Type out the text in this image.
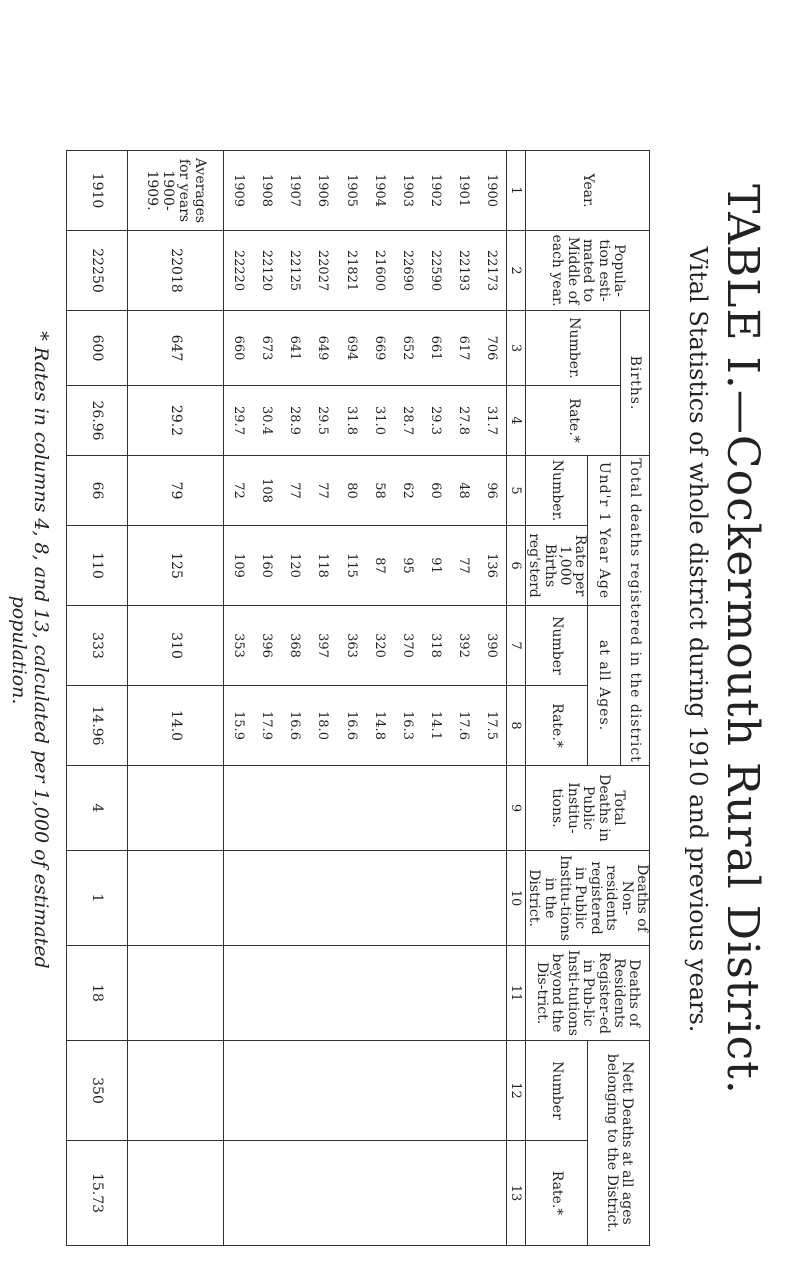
TABLE I.—Cockermouth Rural District.
Vital Statistics of whole district during 1910 and previous years.
Year.	Popula-tion esti-mated to Middle of each year.	Births.		Total deaths registered in the district				Total Deaths in Public Institu-tions.	Deaths of Non-residents registered in Public Institu-tions in the District.	Deaths of Residents Register-ed in Pub-lic Insti-tutions beyond the Dis-trict.	Nett Deaths at all ages belonging to the District.	
		Number.	Rate.*	Und'r 1 Year Age		at all Ages.						
				Number.	Rate per 1,000 Births reg'sterd	Number	Rate.*				Number	Rate.*
1	2	3	4	5	6	7	8	9	10	11	12	13
1900	22173	706	31.7	96	136	390	17.5					
1901	22193	617	27.8	48	77	392	17.6					
1902	22590	661	29.3	60	91	318	14.1					
1903	22690	652	28.7	62	95	370	16.3					
1904	21600	669	31.0	58	87	320	14.8					
1905	21821	694	31.8	80	115	363	16.6					
1906	22027	649	29.5	77	118	397	18.0					
1907	22125	641	28.9	77	120	368	16.6					
1908	22120	673	30.4	108	160	396	17.9					
1909	22220	660	29.7	72	109	353	15.9					
Averages for years 1900-1909.	22018	647	29.2	79	125	310	14.0					
1910	22250	600	26.96	66	110	333	14.96	4	1	18	350	15.73
* Rates in columns 4, 8, and 13, calculated per 1,000 of estimated population.
